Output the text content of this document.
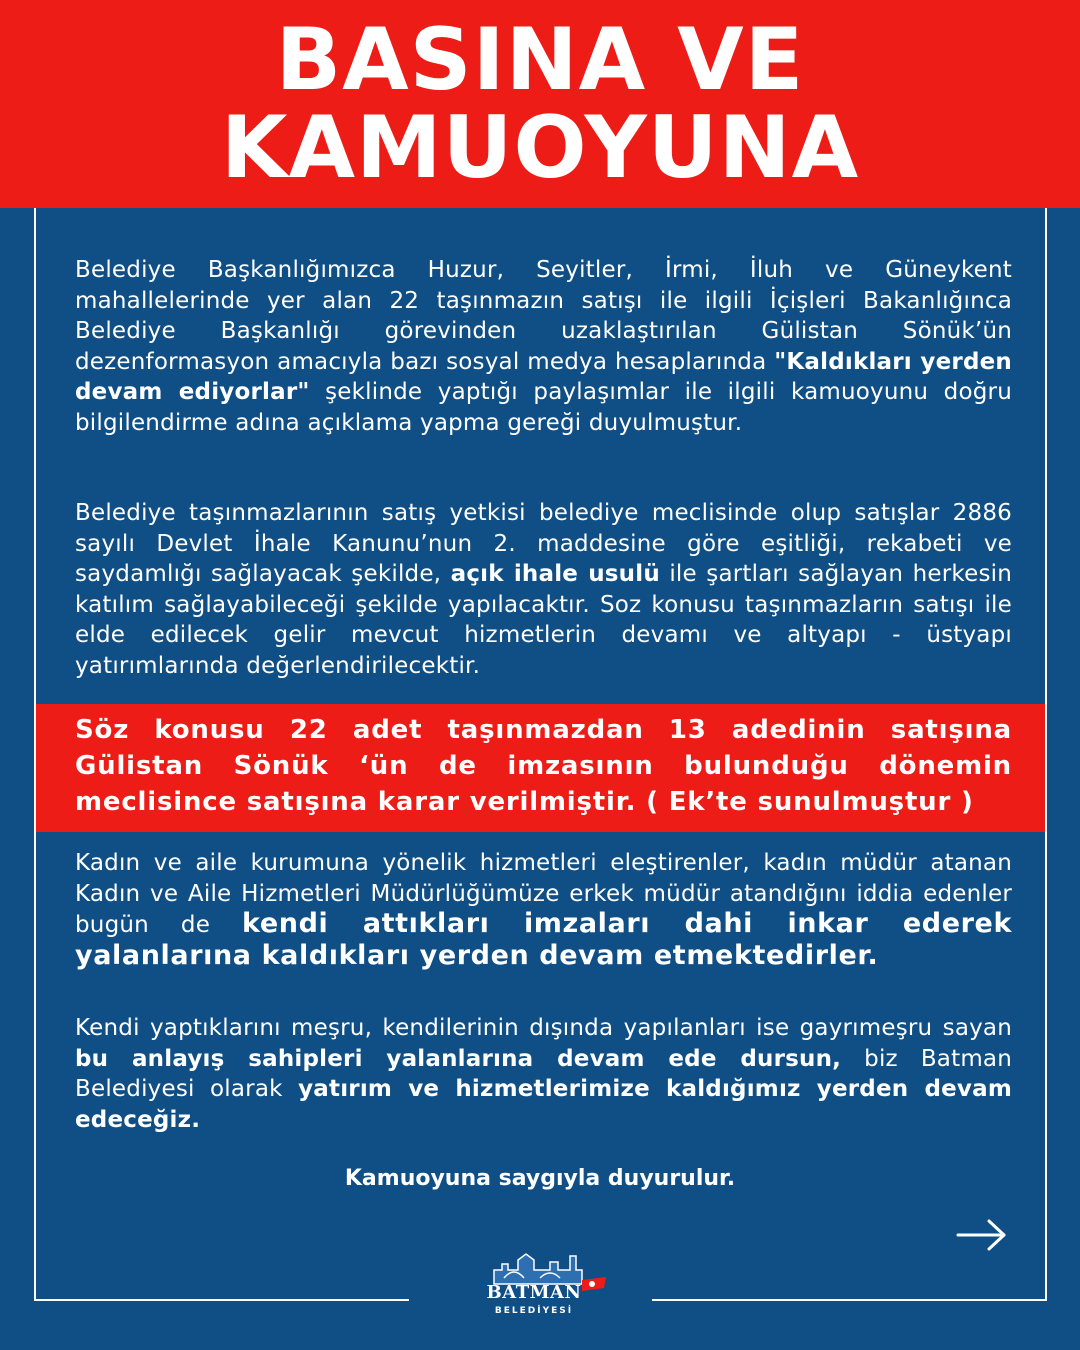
BASINA VE
KAMUOYUNA
Belediye Başkanlığımızca Huzur, Seyitler, İrmi, İluh ve Güneykent mahallelerinde yer alan 22 taşınmazın satışı ile ilgili İçişleri Bakanlığınca Belediye Başkanlığı görevinden uzaklaştırılan Gülistan Sönük’ün dezenformasyon amacıyla bazı sosyal medya hesaplarında "Kaldıkları yerden devam ediyorlar" şeklinde yaptığı paylaşımlar ile ilgili kamuoyunu doğru bilgilendirme adına açıklama yapma gereği duyulmuştur.
Belediye taşınmazlarının satış yetkisi belediye meclisinde olup satışlar 2886 sayılı Devlet İhale Kanunu’nun 2. maddesine göre eşitliği, rekabeti ve saydamlığı sağlayacak şekilde, açık ihale usulü ile şartları sağlayan herkesin katılım sağlayabileceği şekilde yapılacaktır. Soz konusu taşınmazların satışı ile elde edilecek gelir mevcut hizmetlerin devamı ve altyapı - üstyapı yatırımlarında değerlendirilecektir.
Söz konusu 22 adet taşınmazdan 13 adedinin satışına Gülistan Sönük ‘ün de imzasının bulunduğu dönemin meclisince satışına karar verilmiştir. ( Ek’te sunulmuştur )
Kadın ve aile kurumuna yönelik hizmetleri eleştirenler, kadın müdür atanan Kadın ve Aile Hizmetleri Müdürlüğümüze erkek müdür atandığını iddia edenler bugün de kendi attıkları imzaları dahi inkar ederek yalanlarına kaldıkları yerden devam etmektedirler.
Kendi yaptıklarını meşru, kendilerinin dışında yapılanları ise gayrımeşru sayan bu anlayış sahipleri yalanlarına devam ede dursun, biz Batman Belediyesi olarak yatırım ve hizmetlerimize kaldığımız yerden devam edeceğiz.
Kamuoyuna saygıyla duyurulur.
BATMAN
BELEDİYESİ
